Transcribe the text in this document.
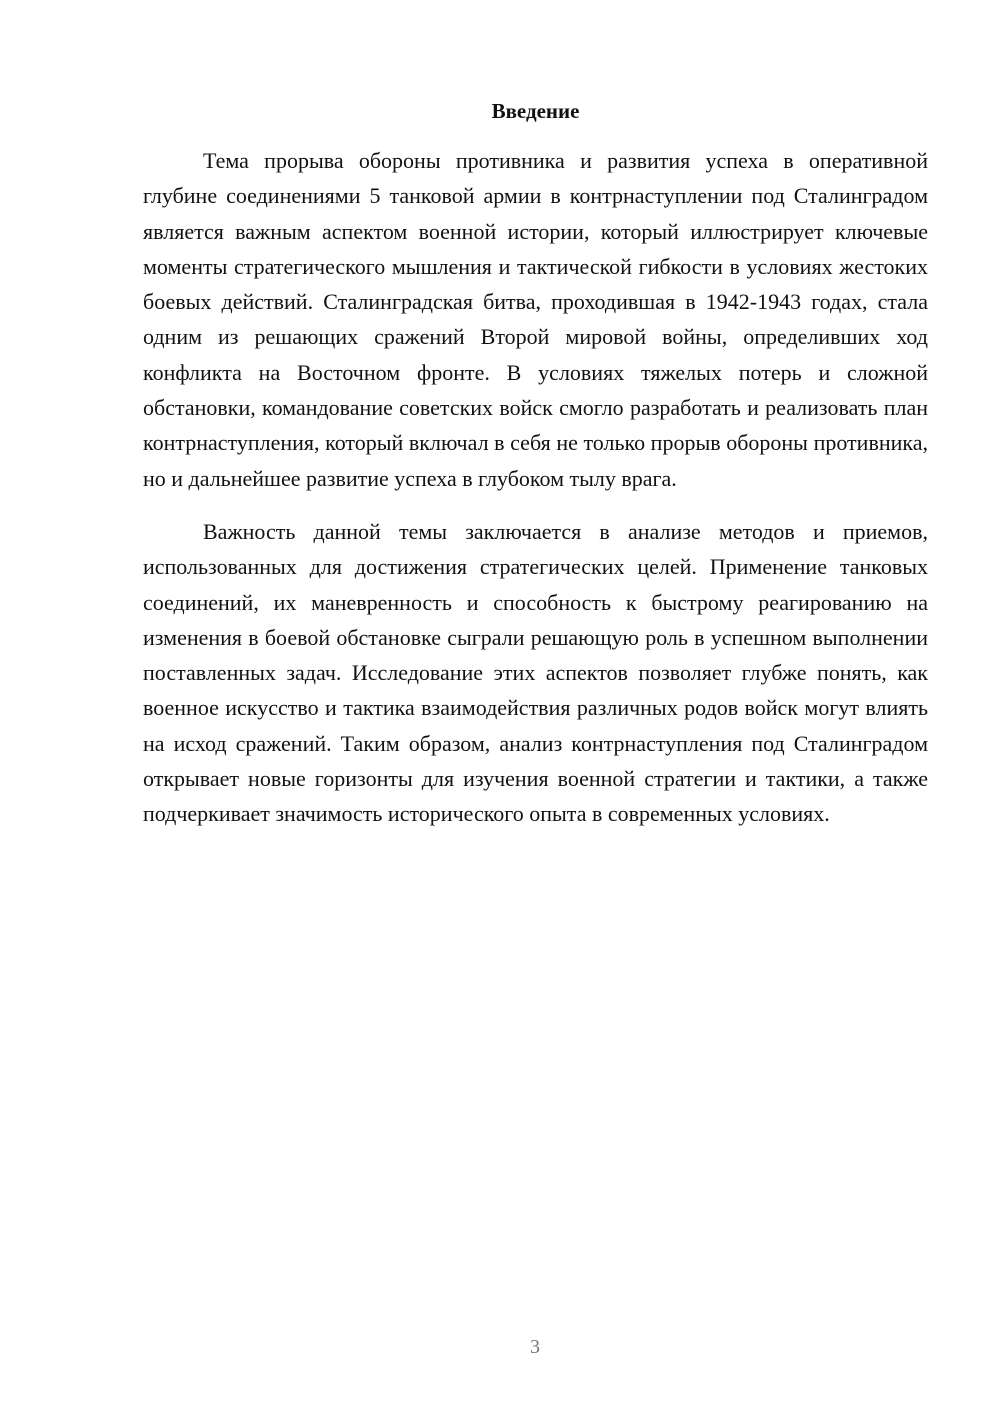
Введение

Тема прорыва обороны противника и развития успеха в оперативной глубине соединениями 5 танковой армии в контрнаступлении под Сталинградом является важным аспектом военной истории, который иллюстрирует ключевые моменты стратегического мышления и тактической гибкости в условиях жестоких боевых действий. Сталинградская битва, проходившая в 1942-1943 годах, стала одним из решающих сражений Второй мировой войны, определивших ход конфликта на Восточном фронте. В условиях тяжелых потерь и сложной обстановки, командование советских войск смогло разработать и реализовать план контрнаступления, который включал в себя не только прорыв обороны противника, но и дальнейшее развитие успеха в глубоком тылу врага.

Важность данной темы заключается в анализе методов и приемов, использованных для достижения стратегических целей. Применение танковых соединений, их маневренность и способность к быстрому реагированию на изменения в боевой обстановке сыграли решающую роль в успешном выполнении поставленных задач. Исследование этих аспектов позволяет глубже понять, как военное искусство и тактика взаимодействия различных родов войск могут влиять на исход сражений. Таким образом, анализ контрнаступления под Сталинградом открывает новые горизонты для изучения военной стратегии и тактики, а также подчеркивает значимость исторического опыта в современных условиях.

3
